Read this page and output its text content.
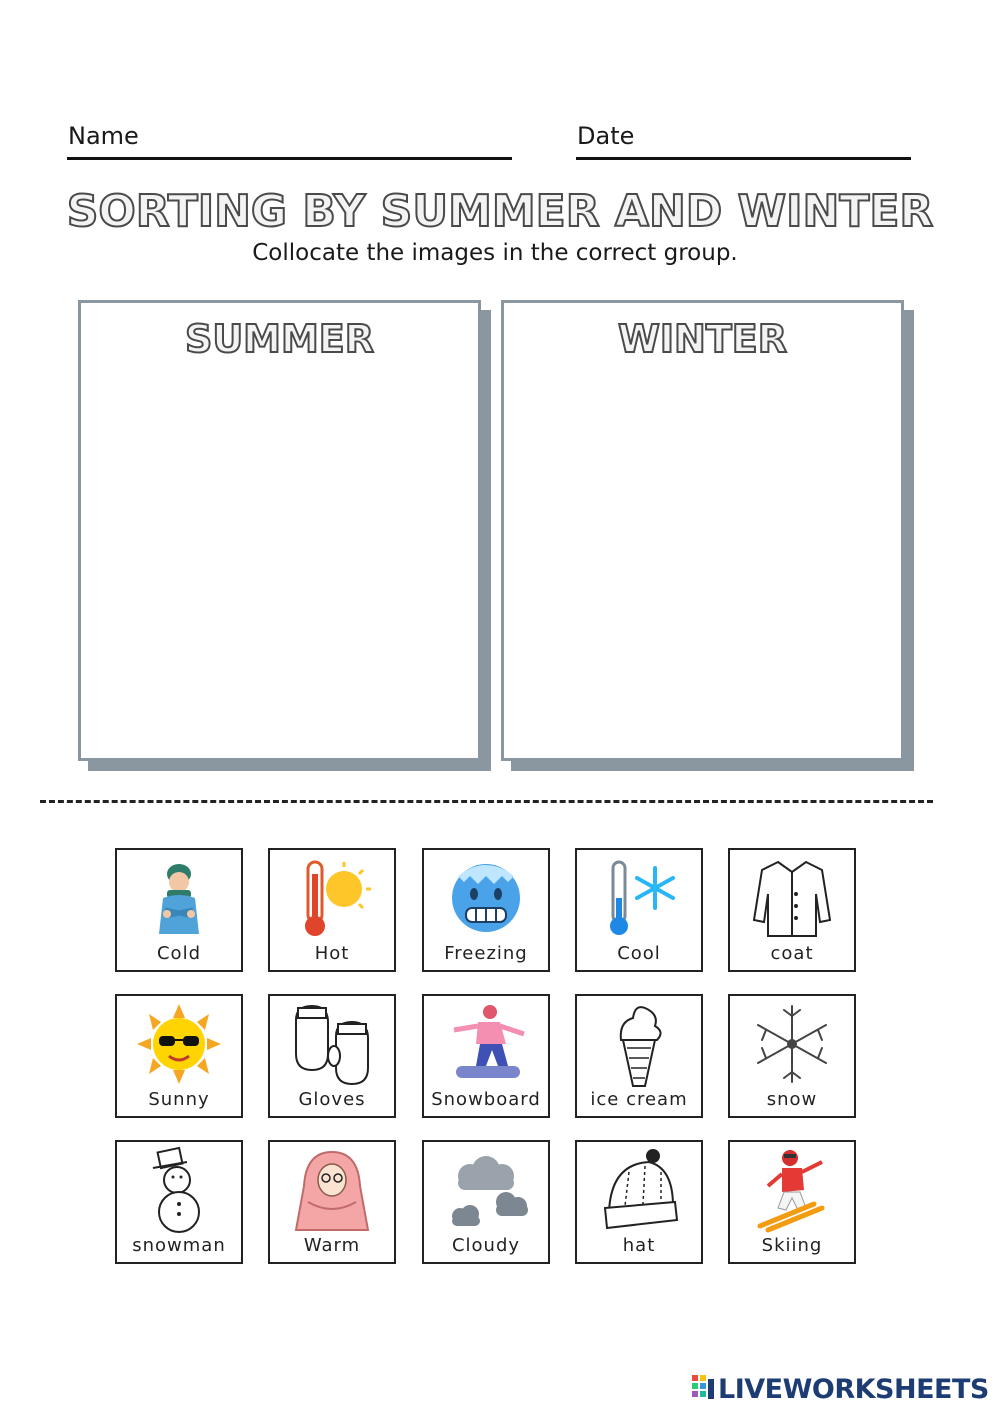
Name	Date
SORTING BY SUMMER AND WINTER
Collocate the images in the correct group.
SUMMER	WINTER
Cold	Hot	Freezing	Cool	coat
Sunny	Gloves	Snowboard	ice cream	snow
snowman	Warm	Cloudy	hat	Skiing
LIVEWORKSHEETS
